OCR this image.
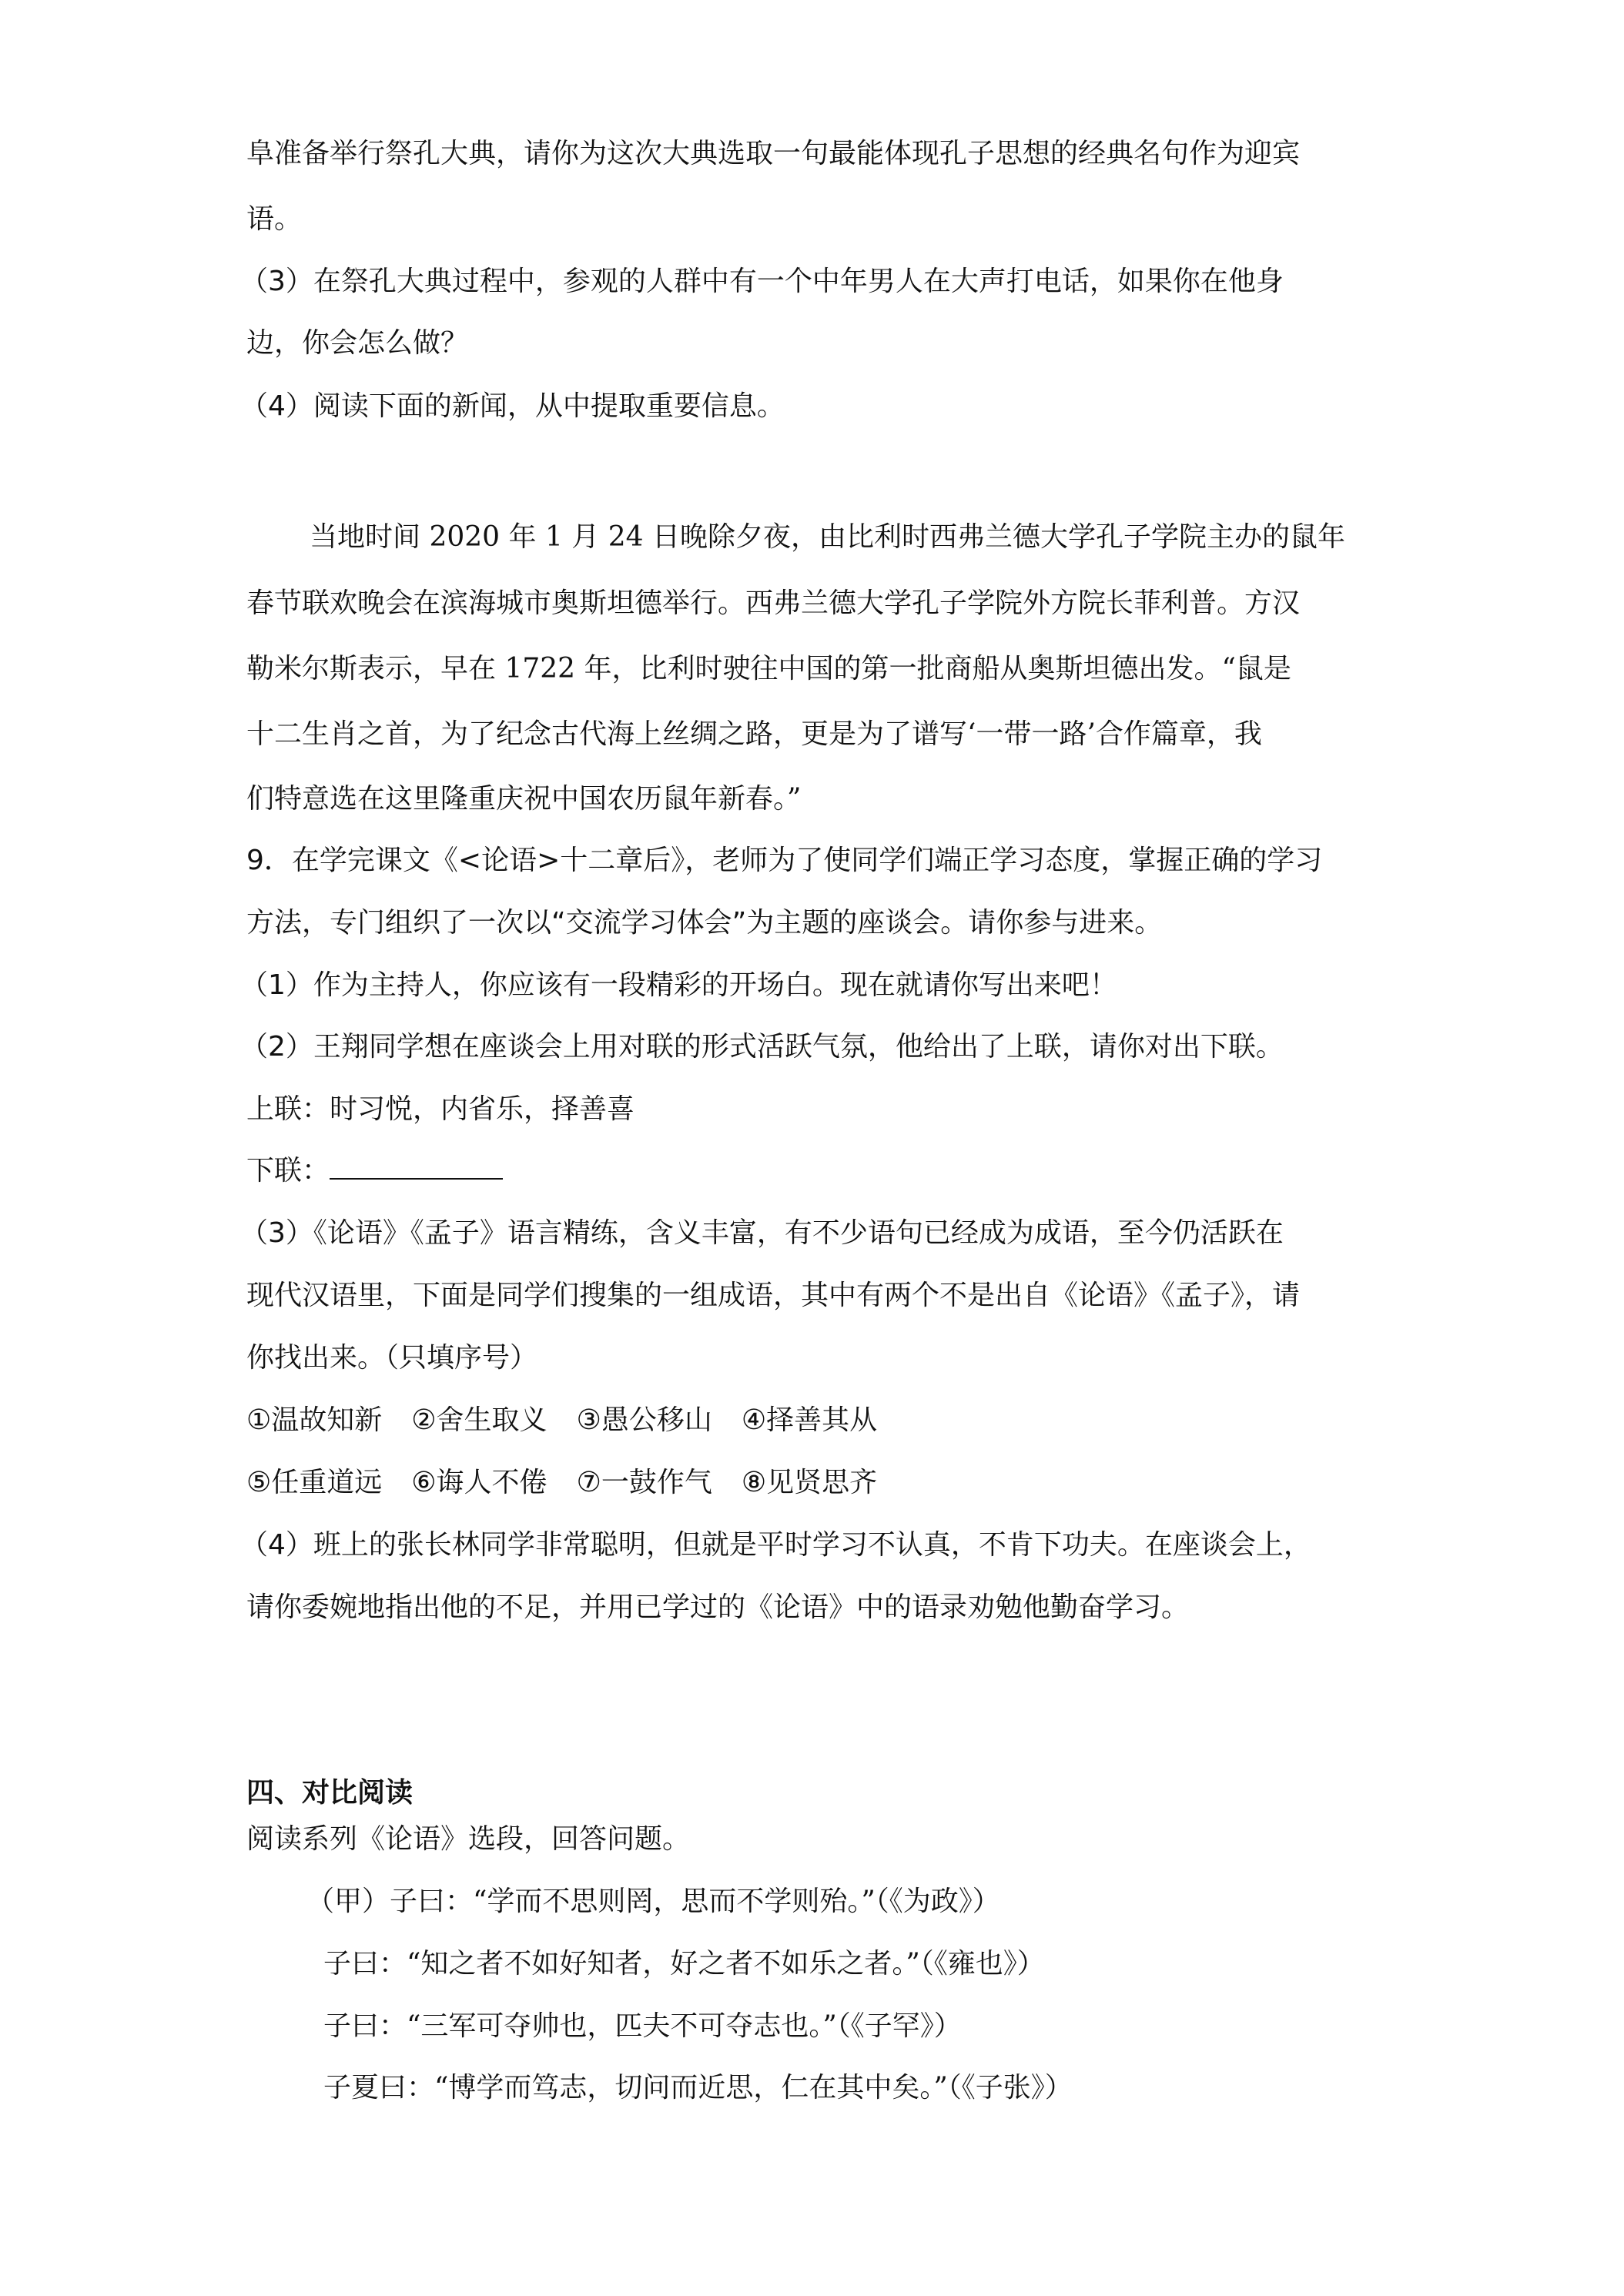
阜准备举行祭孔大典，请你为这次大典选取一句最能体现孔子思想的经典名句作为迎宾
语。
（3）在祭孔大典过程中，参观的人群中有一个中年男人在大声打电话，如果你在他身
边，你会怎么做？
（4）阅读下面的新闻，从中提取重要信息。
当地时间 2020 年 1 月 24 日晚除夕夜，由比利时西弗兰德大学孔子学院主办的鼠年
春节联欢晚会在滨海城市奥斯坦德举行。西弗兰德大学孔子学院外方院长菲利普。方汉
勒米尔斯表示，早在 1722 年，比利时驶往中国的第一批商船从奥斯坦德出发。“鼠是
十二生肖之首，为了纪念古代海上丝绸之路，更是为了谱写‘一带一路’合作篇章，我
们特意选在这里隆重庆祝中国农历鼠年新春。”
9．在学完课文《<论语>十二章后》，老师为了使同学们端正学习态度，掌握正确的学习
方法，专门组织了一次以“交流学习体会”为主题的座谈会。请你参与进来。
（1）作为主持人，你应该有一段精彩的开场白。现在就请你写出来吧！
（2）王翔同学想在座谈会上用对联的形式活跃气氛，他给出了上联，请你对出下联。
上联：时习悦，内省乐，择善喜
下联：
（3）《论语》《孟子》语言精练，含义丰富，有不少语句已经成为成语，至今仍活跃在
现代汉语里，下面是同学们搜集的一组成语，其中有两个不是出自《论语》《孟子》，请
你找出来。（只填序号）
①温故知新 ②舍生取义 ③愚公移山 ④择善其从
⑤任重道远 ⑥诲人不倦 ⑦一鼓作气 ⑧见贤思齐
（4）班上的张长林同学非常聪明，但就是平时学习不认真，不肯下功夫。在座谈会上，
请你委婉地指出他的不足，并用已学过的《论语》中的语录劝勉他勤奋学习。
四、对比阅读
阅读系列《论语》选段，回答问题。
（甲）子曰：“学而不思则罔，思而不学则殆。”（《为政》）
子曰：“知之者不如好知者，好之者不如乐之者。”（《雍也》）
子曰：“三军可夺帅也，匹夫不可夺志也。”（《子罕》）
子夏曰：“博学而笃志，切问而近思，仁在其中矣。”（《子张》）
